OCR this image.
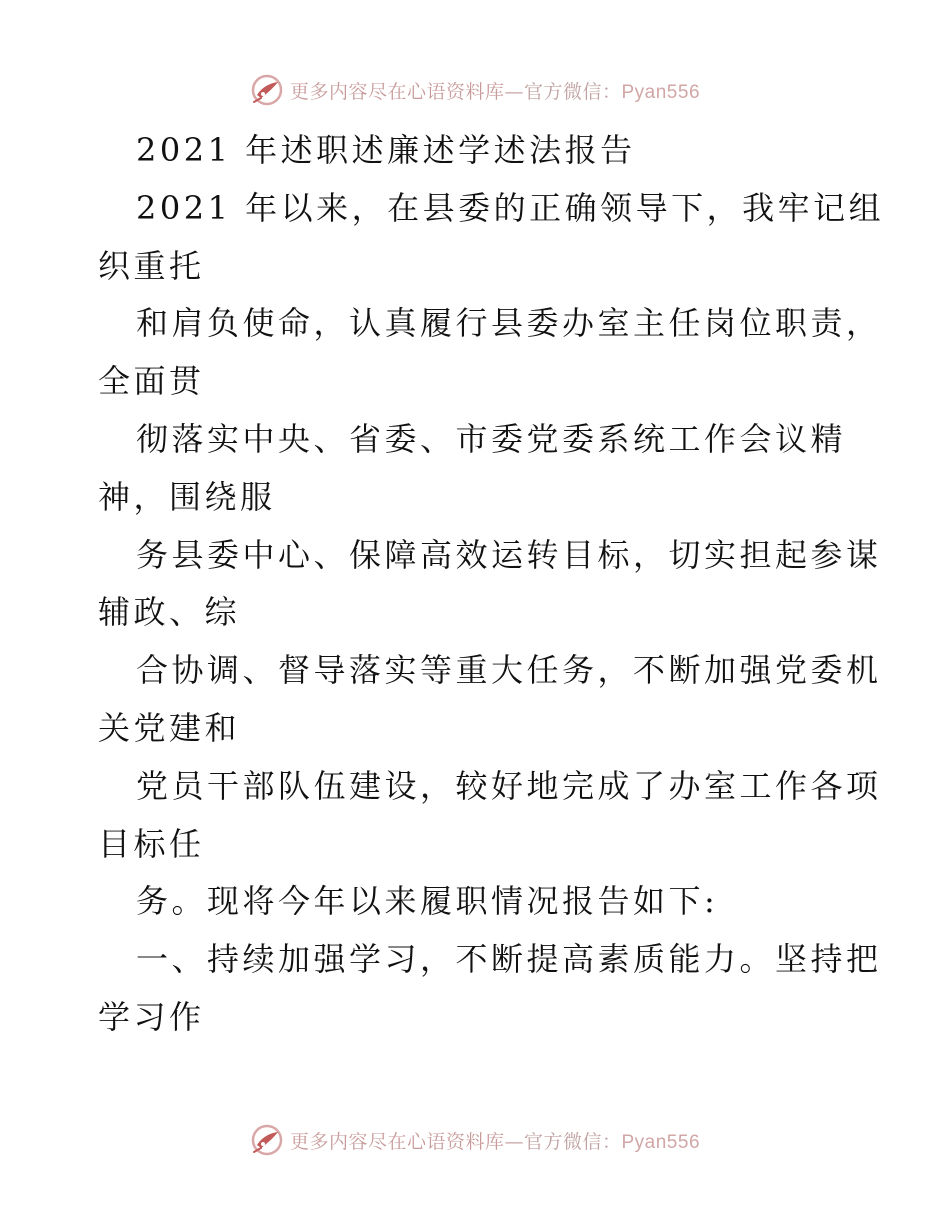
更多内容尽在心语资料库—官方微信：Pyan556
2021 年述职述廉述学述法报告
2021 年以来，在县委的正确领导下，我牢记组
织重托
和肩负使命，认真履行县委办室主任岗位职责，
全面贯
彻落实中央、省委、市委党委系统工作会议精
神，围绕服
务县委中心、保障高效运转目标，切实担起参谋
辅政、综
合协调、督导落实等重大任务，不断加强党委机
关党建和
党员干部队伍建设，较好地完成了办室工作各项
目标任
务。现将今年以来履职情况报告如下:
一、持续加强学习，不断提高素质能力。坚持把
学习作
更多内容尽在心语资料库—官方微信：Pyan556
